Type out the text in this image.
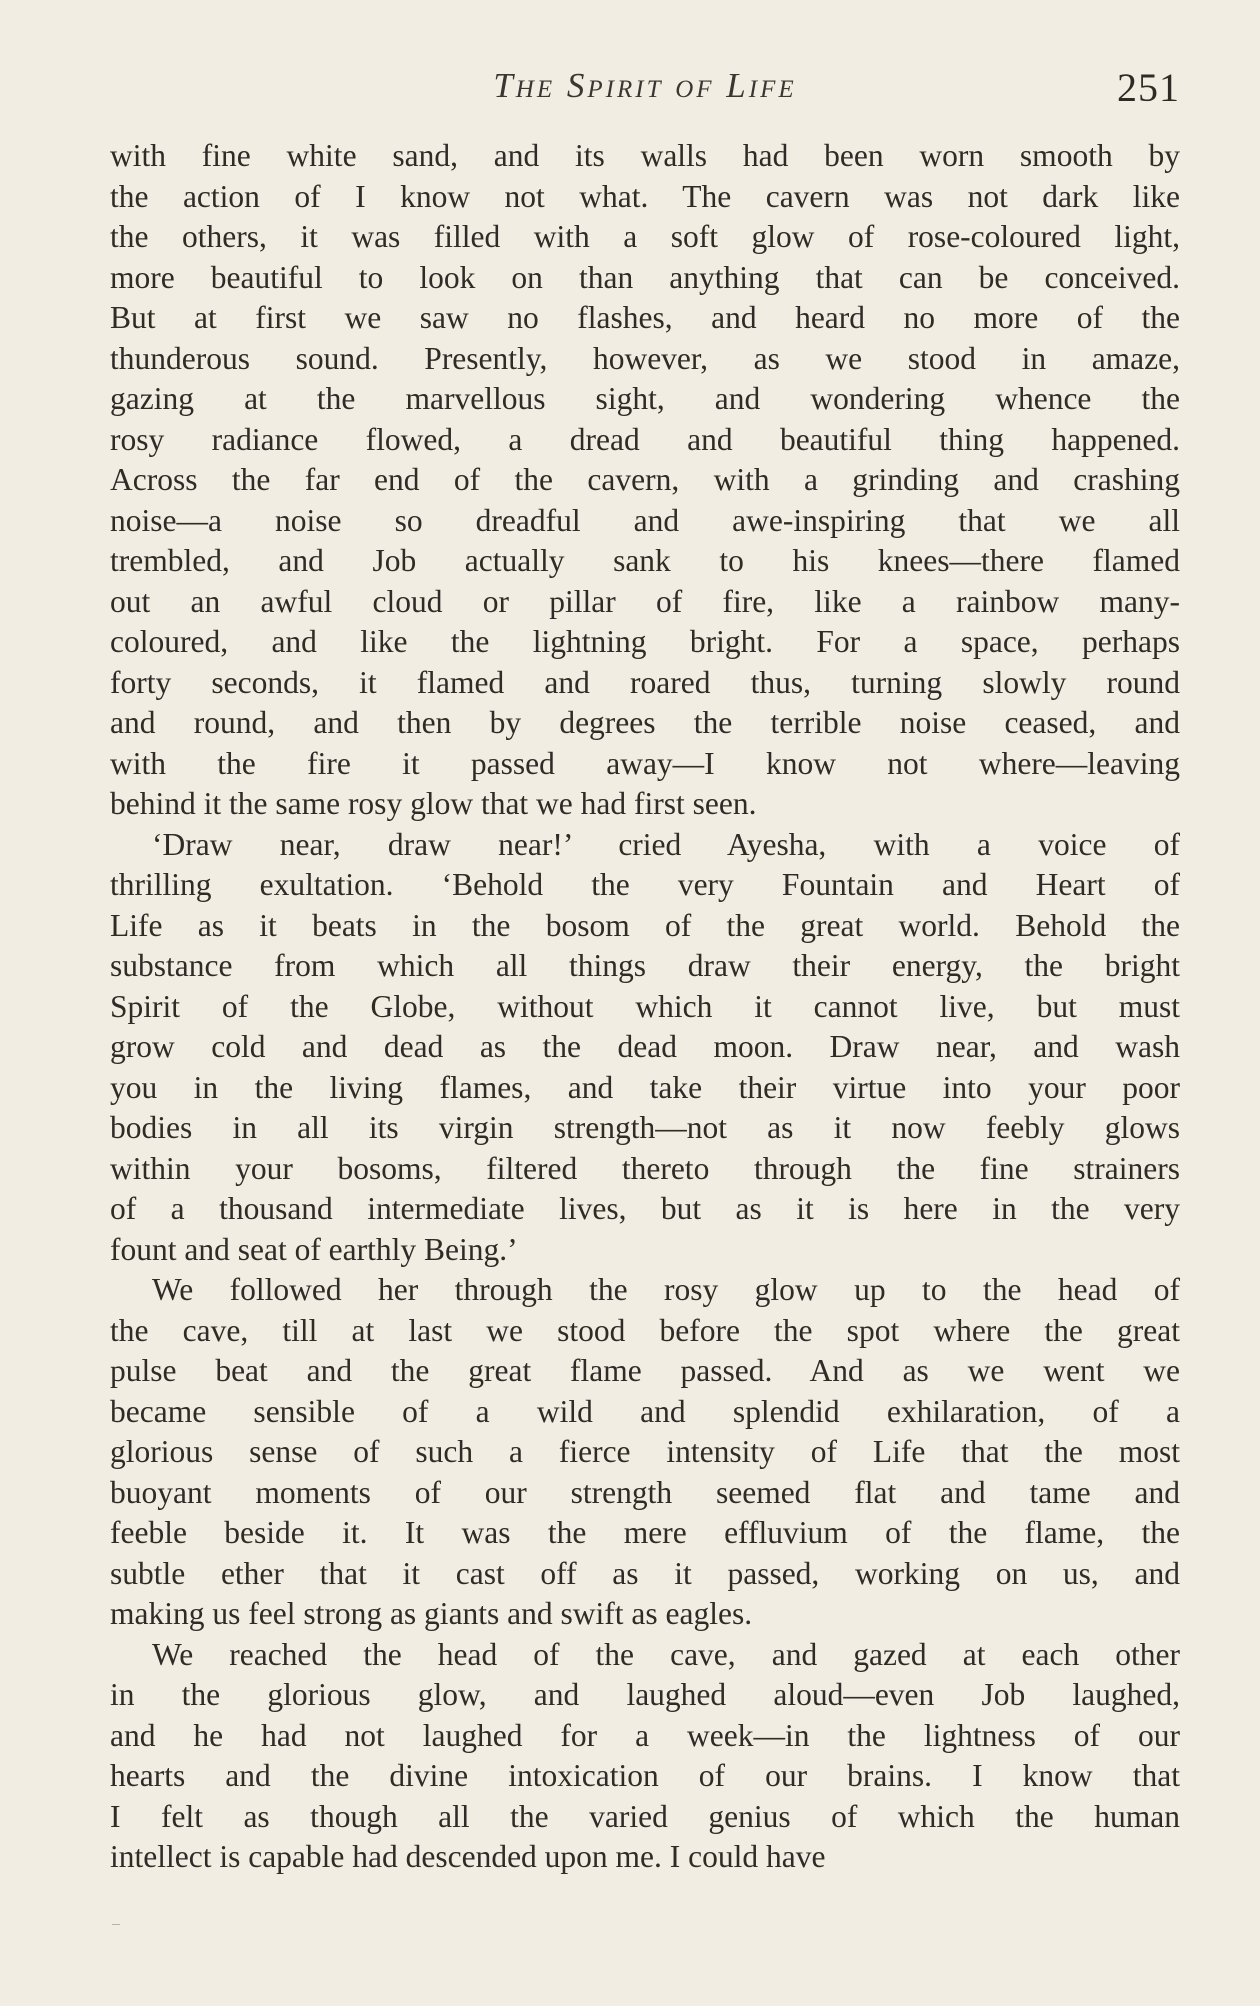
The Spirit of Life	251
with fine white sand, and its walls had been worn smooth by
the action of I know not what. The cavern was not dark like
the others, it was filled with a soft glow of rose-coloured light,
more beautiful to look on than anything that can be conceived.
But at first we saw no flashes, and heard no more of the
thunderous sound. Presently, however, as we stood in amaze,
gazing at the marvellous sight, and wondering whence the
rosy radiance flowed, a dread and beautiful thing happened.
Across the far end of the cavern, with a grinding and crashing
noise—a noise so dreadful and awe-inspiring that we all
trembled, and Job actually sank to his knees—there flamed
out an awful cloud or pillar of fire, like a rainbow many-
coloured, and like the lightning bright. For a space, perhaps
forty seconds, it flamed and roared thus, turning slowly round
and round, and then by degrees the terrible noise ceased, and
with the fire it passed away—I know not where—leaving
behind it the same rosy glow that we had first seen.
‘Draw near, draw near!’ cried Ayesha, with a voice of
thrilling exultation. ‘Behold the very Fountain and Heart of
Life as it beats in the bosom of the great world. Behold the
substance from which all things draw their energy, the bright
Spirit of the Globe, without which it cannot live, but must
grow cold and dead as the dead moon. Draw near, and wash
you in the living flames, and take their virtue into your poor
bodies in all its virgin strength—not as it now feebly glows
within your bosoms, filtered thereto through the fine strainers
of a thousand intermediate lives, but as it is here in the very
fount and seat of earthly Being.’
We followed her through the rosy glow up to the head of
the cave, till at last we stood before the spot where the great
pulse beat and the great flame passed. And as we went we
became sensible of a wild and splendid exhilaration, of a
glorious sense of such a fierce intensity of Life that the most
buoyant moments of our strength seemed flat and tame and
feeble beside it. It was the mere effluvium of the flame, the
subtle ether that it cast off as it passed, working on us, and
making us feel strong as giants and swift as eagles.
We reached the head of the cave, and gazed at each other
in the glorious glow, and laughed aloud—even Job laughed,
and he had not laughed for a week—in the lightness of our
hearts and the divine intoxication of our brains. I know that
I felt as though all the varied genius of which the human
intellect is capable had descended upon me. I could have
